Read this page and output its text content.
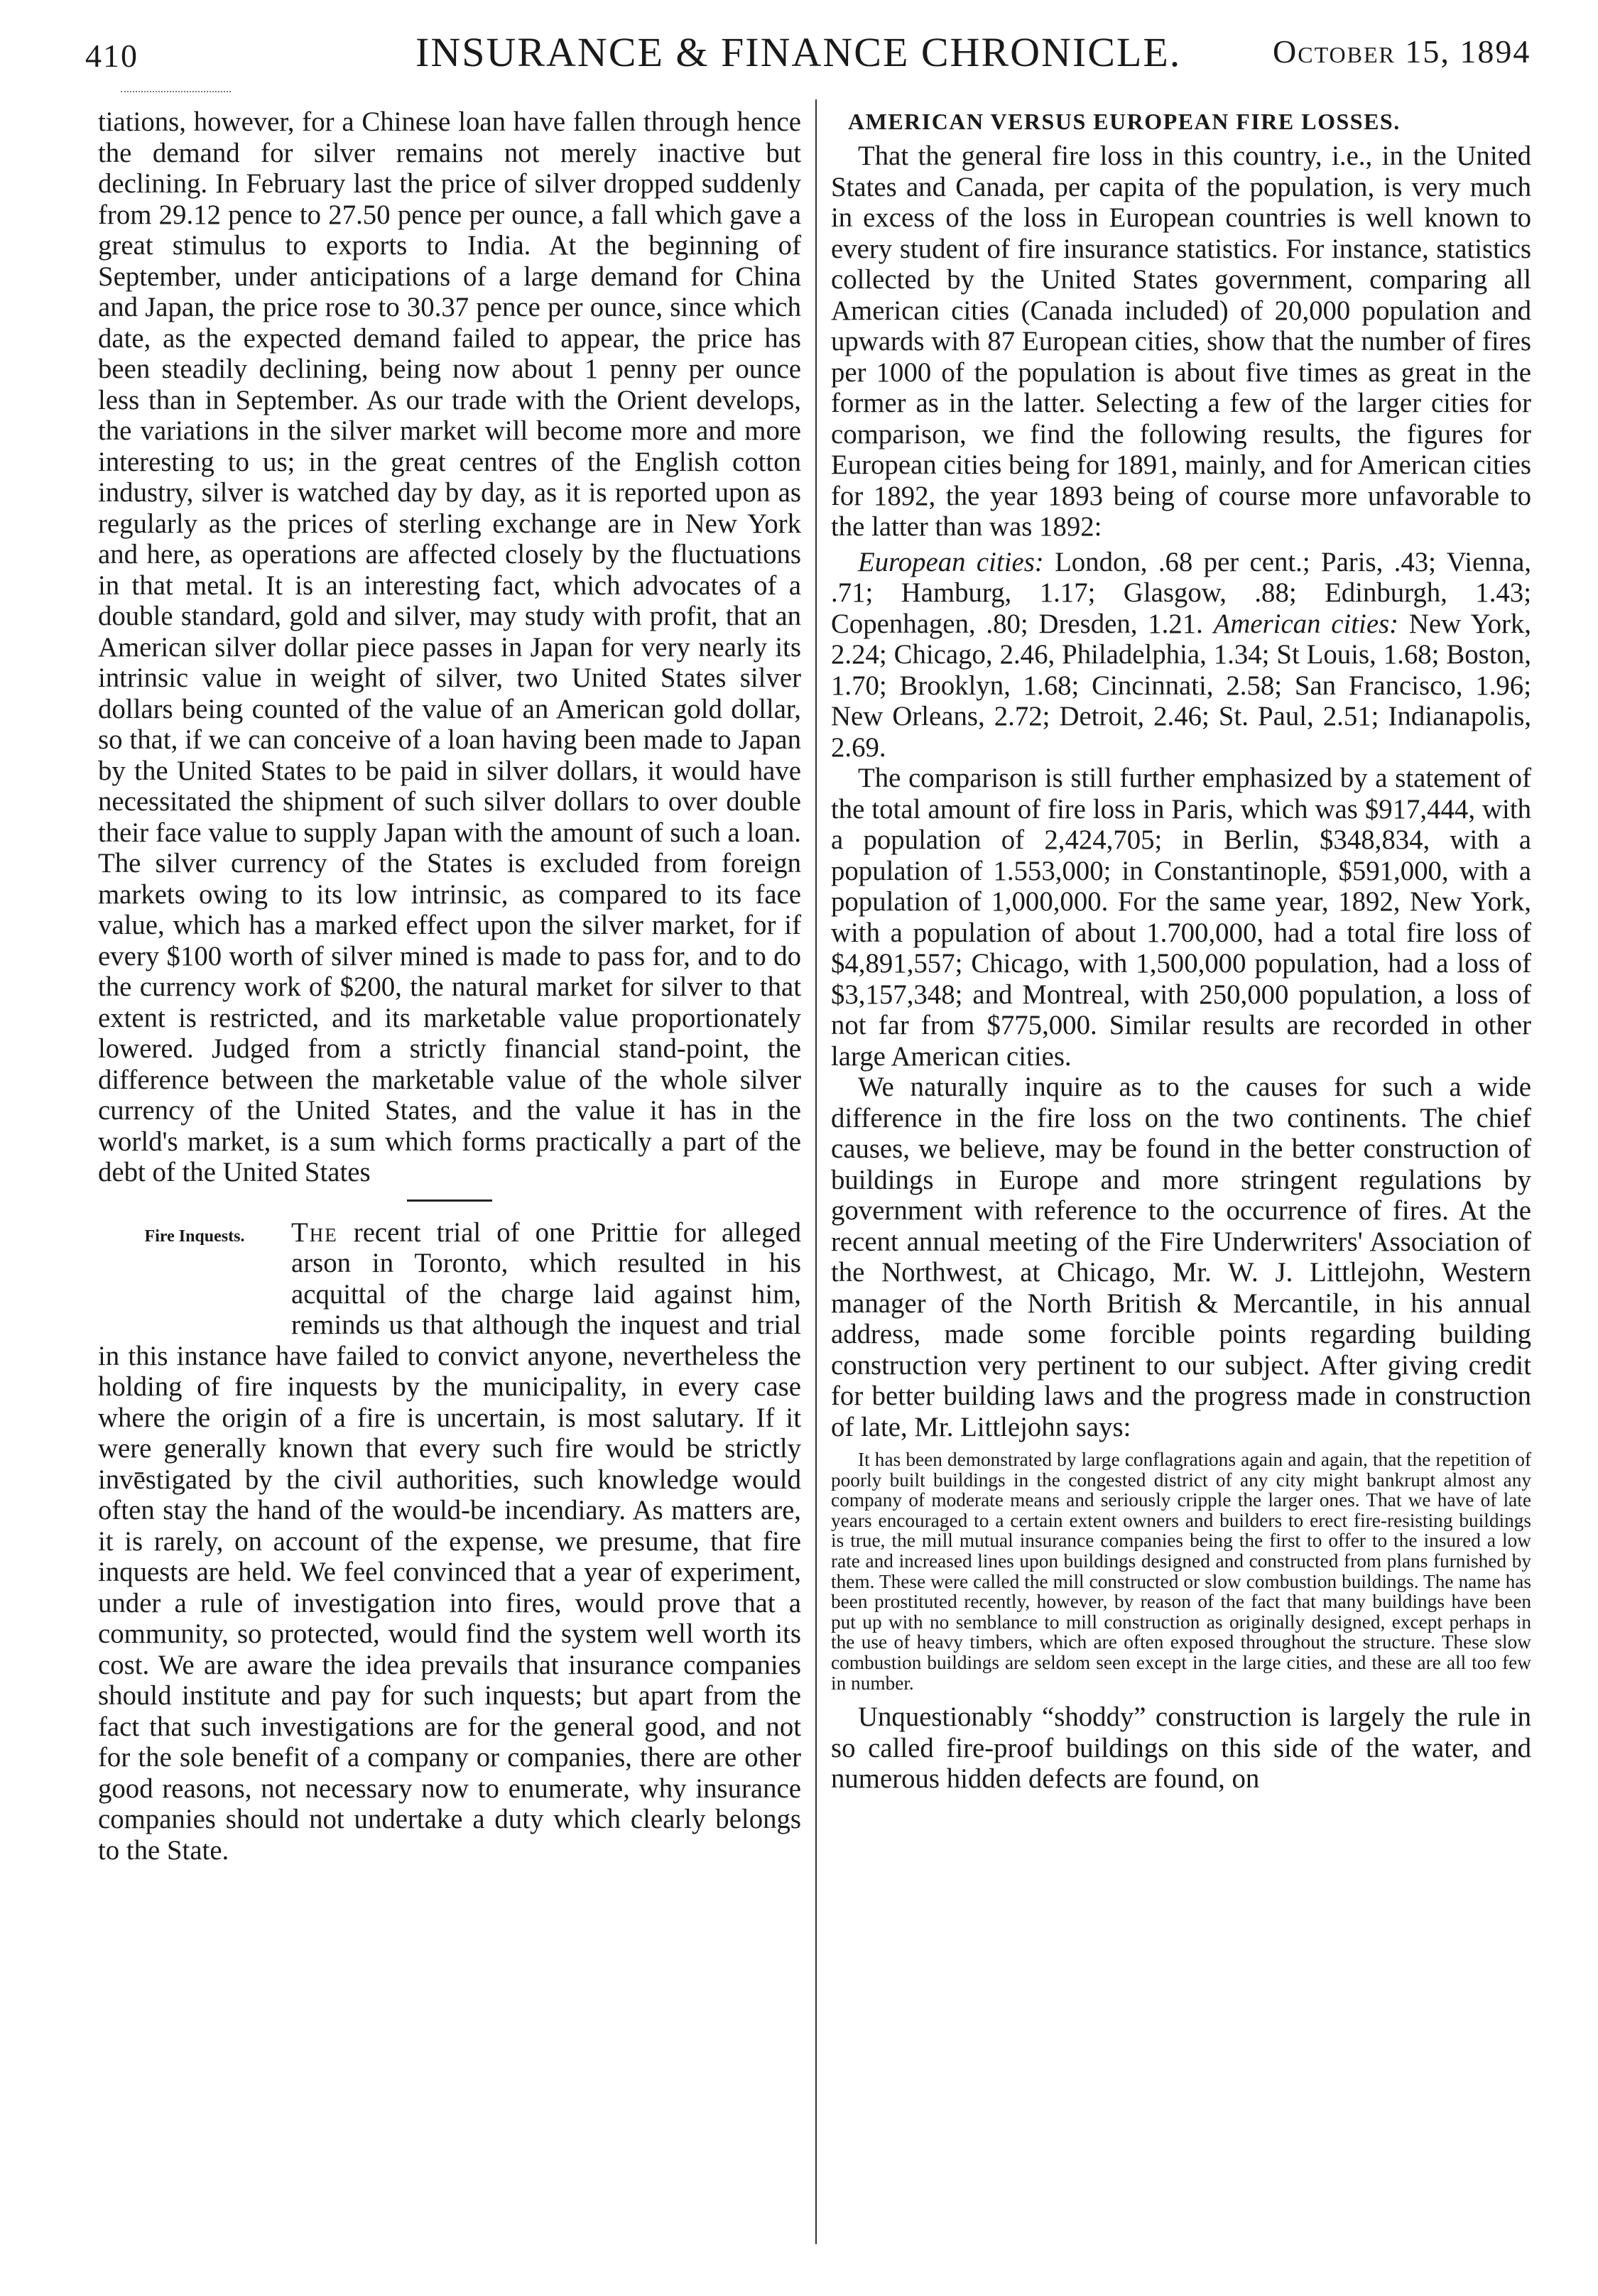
410	INSURANCE & FINANCE CHRONICLE.	October 15, 1894

tiations, however, for a Chinese loan have fallen through hence the demand for silver remains not merely inactive but declining. In February last the price of silver dropped suddenly from 29.12 pence to 27.50 pence per ounce, a fall which gave a great stimulus to exports to India. At the beginning of September, under anticipations of a large demand for China and Japan, the price rose to 30.37 pence per ounce, since which date, as the expected demand failed to appear, the price has been steadily declining, being now about 1 penny per ounce less than in September. As our trade with the Orient develops, the variations in the silver market will become more and more interesting to us; in the great centres of the English cotton industry, silver is watched day by day, as it is reported upon as regularly as the prices of sterling exchange are in New York and here, as operations are affected closely by the fluctuations in that metal. It is an interesting fact, which advocates of a double standard, gold and silver, may study with profit, that an American silver dollar piece passes in Japan for very nearly its intrinsic value in weight of silver, two United States silver dollars being counted of the value of an American gold dollar, so that, if we can conceive of a loan having been made to Japan by the United States to be paid in silver dollars, it would have necessitated the shipment of such silver dollars to over double their face value to supply Japan with the amount of such a loan. The silver currency of the States is excluded from foreign markets owing to its low intrinsic, as compared to its face value, which has a marked effect upon the silver market, for if every $100 worth of silver mined is made to pass for, and to do the currency work of $200, the natural market for silver to that extent is restricted, and its marketable value proportionately lowered. Judged from a strictly financial stand-point, the difference between the marketable value of the whole silver currency of the United States, and the value it has in the world's market, is a sum which forms practically a part of the debt of the United States

Fire Inquests.	The recent trial of one Prittie for alleged arson in Toronto, which resulted in his acquittal of the charge laid against him, reminds us that although the inquest and trial in this instance have failed to convict anyone, nevertheless the holding of fire inquests by the municipality, in every case where the origin of a fire is uncertain, is most salutary. If it were generally known that every such fire would be strictly investigated by the civil authorities, such knowledge would often stay the hand of the would-be incendiary. As matters are, it is rarely, on account of the expense, we presume, that fire inquests are held. We feel convinced that a year of experiment, under a rule of investigation into fires, would prove that a community, so protected, would find the system well worth its cost. We are aware the idea prevails that insurance companies should institute and pay for such inquests; but apart from the fact that such investigations are for the general good, and not for the sole benefit of a company or companies, there are other good reasons, not necessary now to enumerate, why insurance companies should not undertake a duty which clearly belongs to the State.

AMERICAN VERSUS EUROPEAN FIRE LOSSES.

That the general fire loss in this country, i.e., in the United States and Canada, per capita of the population, is very much in excess of the loss in European countries is well known to every student of fire insurance statistics. For instance, statistics collected by the United States government, comparing all American cities (Canada included) of 20,000 population and upwards with 87 European cities, show that the number of fires per 1000 of the population is about five times as great in the former as in the latter. Selecting a few of the larger cities for comparison, we find the following results, the figures for European cities being for 1891, mainly, and for American cities for 1892, the year 1893 being of course more unfavorable to the latter than was 1892:

European cities: London, .68 per cent.; Paris, .43; Vienna, .71; Hamburg, 1.17; Glasgow, .88; Edinburgh, 1.43; Copenhagen, .80; Dresden, 1.21. American cities: New York, 2.24; Chicago, 2.46, Philadelphia, 1.34; St Louis, 1.68; Boston, 1.70; Brooklyn, 1.68; Cincinnati, 2.58; San Francisco, 1.96; New Orleans, 2.72; Detroit, 2.46; St. Paul, 2.51; Indianapolis, 2.69.

The comparison is still further emphasized by a statement of the total amount of fire loss in Paris, which was $917,444, with a population of 2,424,705; in Berlin, $348,834, with a population of 1.553,000; in Constantinople, $591,000, with a population of 1,000,000. For the same year, 1892, New York, with a population of about 1.700,000, had a total fire loss of $4,891,557; Chicago, with 1,500,000 population, had a loss of $3,157,348; and Montreal, with 250,000 population, a loss of not far from $775,000. Similar results are recorded in other large American cities.

We naturally inquire as to the causes for such a wide difference in the fire loss on the two continents. The chief causes, we believe, may be found in the better construction of buildings in Europe and more stringent regulations by government with reference to the occurrence of fires. At the recent annual meeting of the Fire Underwriters' Association of the Northwest, at Chicago, Mr. W. J. Littlejohn, Western manager of the North British & Mercantile, in his annual address, made some forcible points regarding building construction very pertinent to our subject. After giving credit for better building laws and the progress made in construction of late, Mr. Littlejohn says:

It has been demonstrated by large conflagrations again and again, that the repetition of poorly built buildings in the congested district of any city might bankrupt almost any company of moderate means and seriously cripple the larger ones. That we have of late years encouraged to a certain extent owners and builders to erect fire-resisting buildings is true, the mill mutual insurance companies being the first to offer to the insured a low rate and increased lines upon buildings designed and constructed from plans furnished by them. These were called the mill constructed or slow combustion buildings. The name has been prostituted recently, however, by reason of the fact that many buildings have been put up with no semblance to mill construction as originally designed, except perhaps in the use of heavy timbers, which are often exposed throughout the structure. These slow combustion buildings are seldom seen except in the large cities, and these are all too few in number.

Unquestionably “shoddy” construction is largely the rule in so called fire-proof buildings on this side of the water, and numerous hidden defects are found, on
